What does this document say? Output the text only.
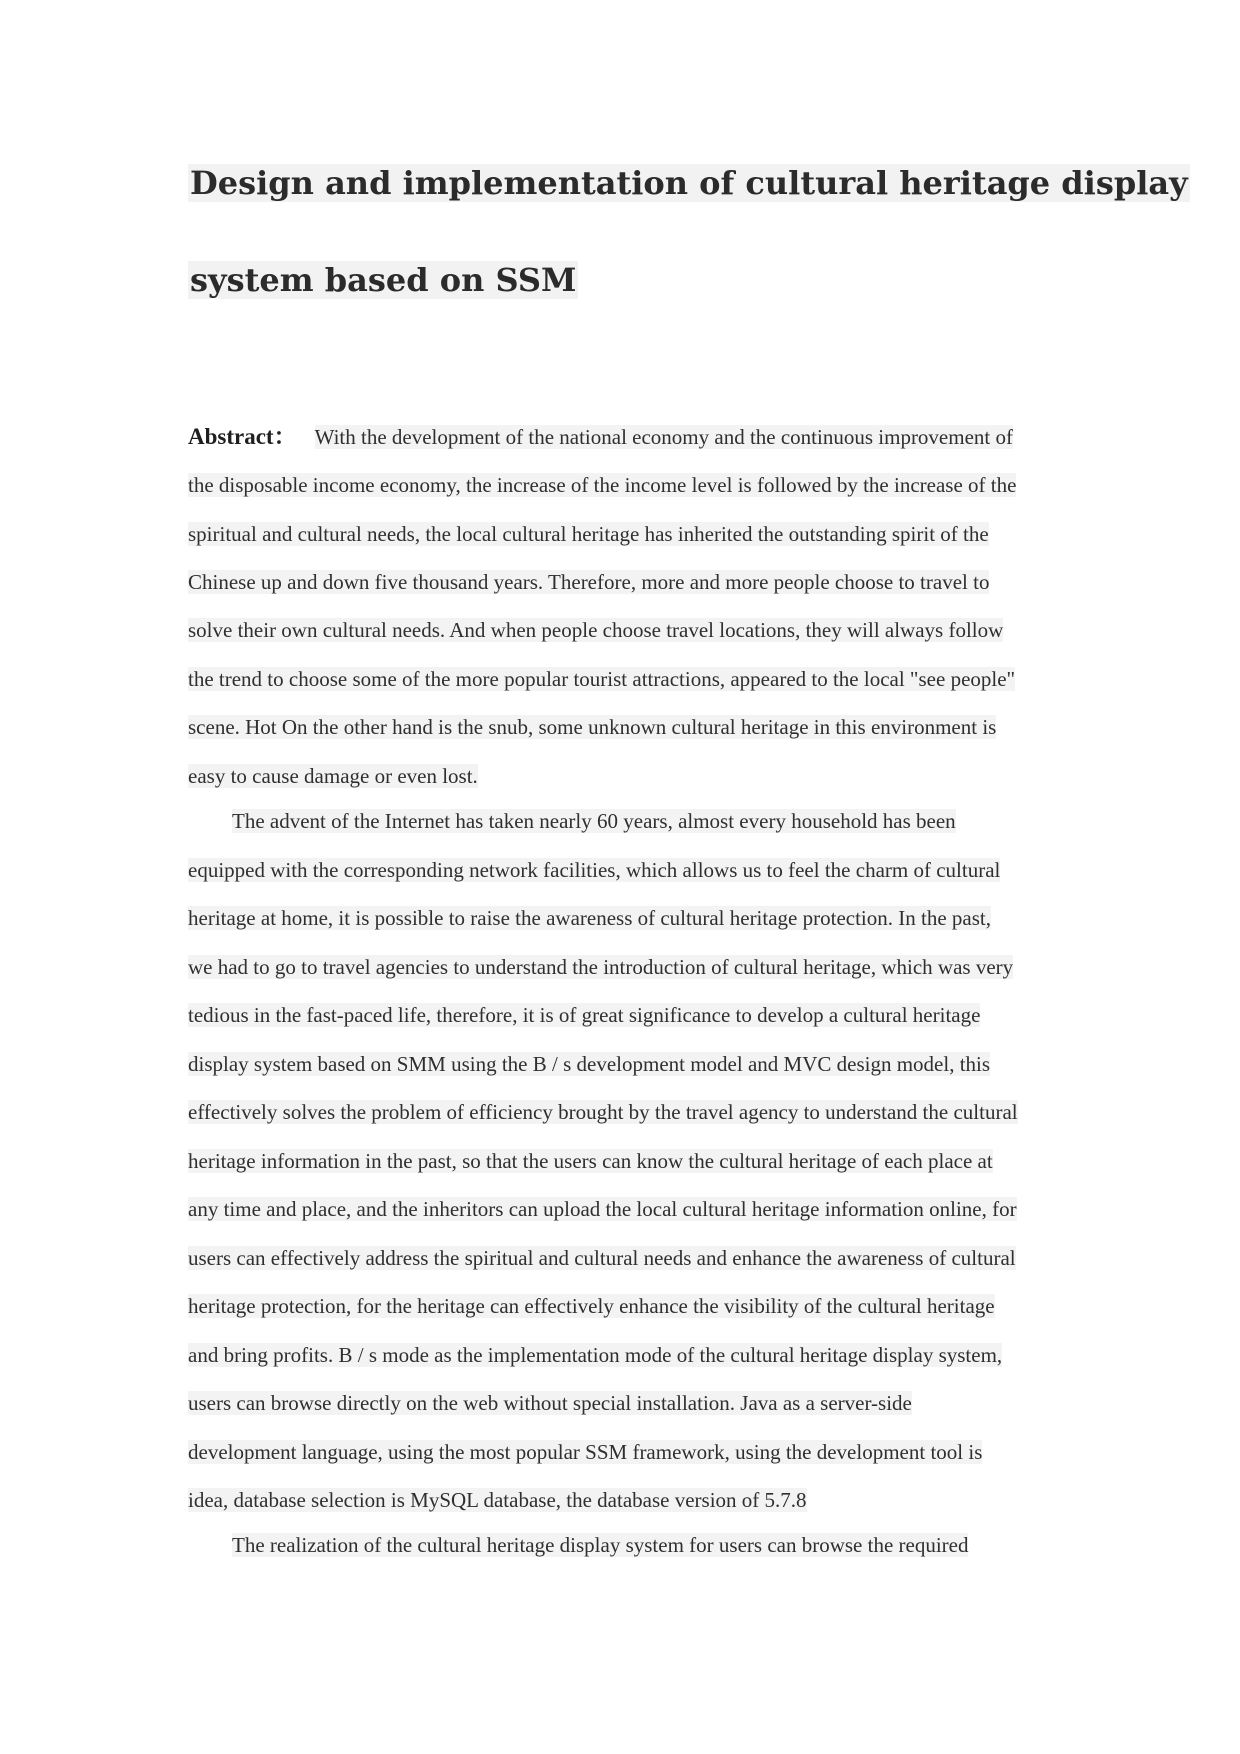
Design and implementation of cultural heritage display
system based on SSM
Abstract： With the development of the national economy and the continuous improvement of
the disposable income economy, the increase of the income level is followed by the increase of the
spiritual and cultural needs, the local cultural heritage has inherited the outstanding spirit of the
Chinese up and down five thousand years. Therefore, more and more people choose to travel to
solve their own cultural needs. And when people choose travel locations, they will always follow
the trend to choose some of the more popular tourist attractions, appeared to the local "see people"
scene. Hot On the other hand is the snub, some unknown cultural heritage in this environment is
easy to cause damage or even lost.
The advent of the Internet has taken nearly 60 years, almost every household has been
equipped with the corresponding network facilities, which allows us to feel the charm of cultural
heritage at home, it is possible to raise the awareness of cultural heritage protection. In the past,
we had to go to travel agencies to understand the introduction of cultural heritage, which was very
tedious in the fast-paced life, therefore, it is of great significance to develop a cultural heritage
display system based on SMM using the B / s development model and MVC design model, this
effectively solves the problem of efficiency brought by the travel agency to understand the cultural
heritage information in the past, so that the users can know the cultural heritage of each place at
any time and place, and the inheritors can upload the local cultural heritage information online, for
users can effectively address the spiritual and cultural needs and enhance the awareness of cultural
heritage protection, for the heritage can effectively enhance the visibility of the cultural heritage
and bring profits. B / s mode as the implementation mode of the cultural heritage display system,
users can browse directly on the web without special installation. Java as a server-side
development language, using the most popular SSM framework, using the development tool is
idea, database selection is MySQL database, the database version of 5.7.8
The realization of the cultural heritage display system for users can browse the required
